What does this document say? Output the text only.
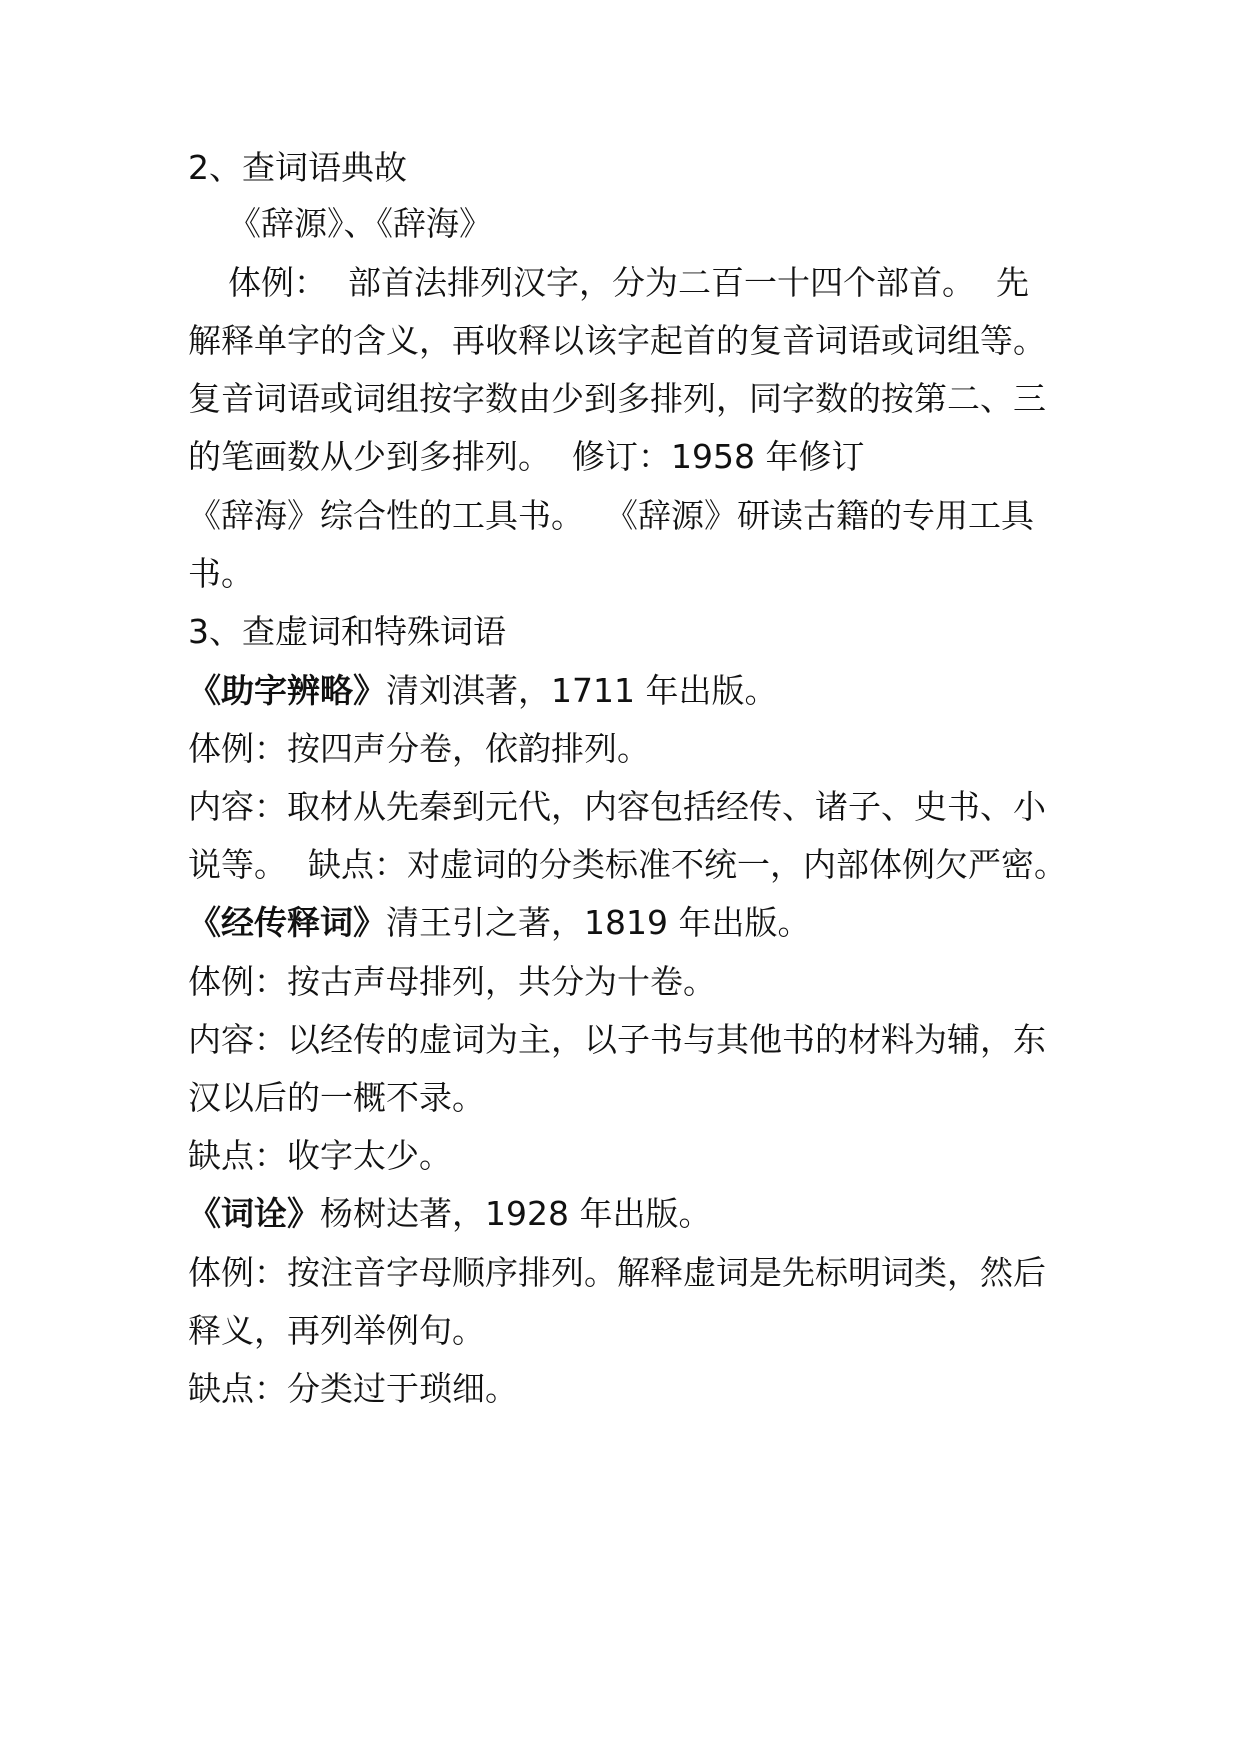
2、查词语典故
《辞源》、《辞海》
体例：  部首法排列汉字，分为二百一十四个部首。  先
解释单字的含义，再收释以该字起首的复音词语或词组等。
复音词语或词组按字数由少到多排列，同字数的按第二、三
的笔画数从少到多排列。  修订：1958 年修订
《辞海》综合性的工具书。  《辞源》研读古籍的专用工具
书。
3、查虚词和特殊词语
《助字辨略》清刘淇著，1711 年出版。
体例：按四声分卷，依韵排列。
内容：取材从先秦到元代，内容包括经传、诸子、史书、小
说等。  缺点：对虚词的分类标准不统一，内部体例欠严密。
《经传释词》清王引之著，1819 年出版。
体例：按古声母排列，共分为十卷。
内容：以经传的虚词为主，以子书与其他书的材料为辅，东
汉以后的一概不录。
缺点：收字太少。
《词诠》杨树达著，1928 年出版。
体例：按注音字母顺序排列。解释虚词是先标明词类，然后
释义，再列举例句。
缺点：分类过于琐细。
